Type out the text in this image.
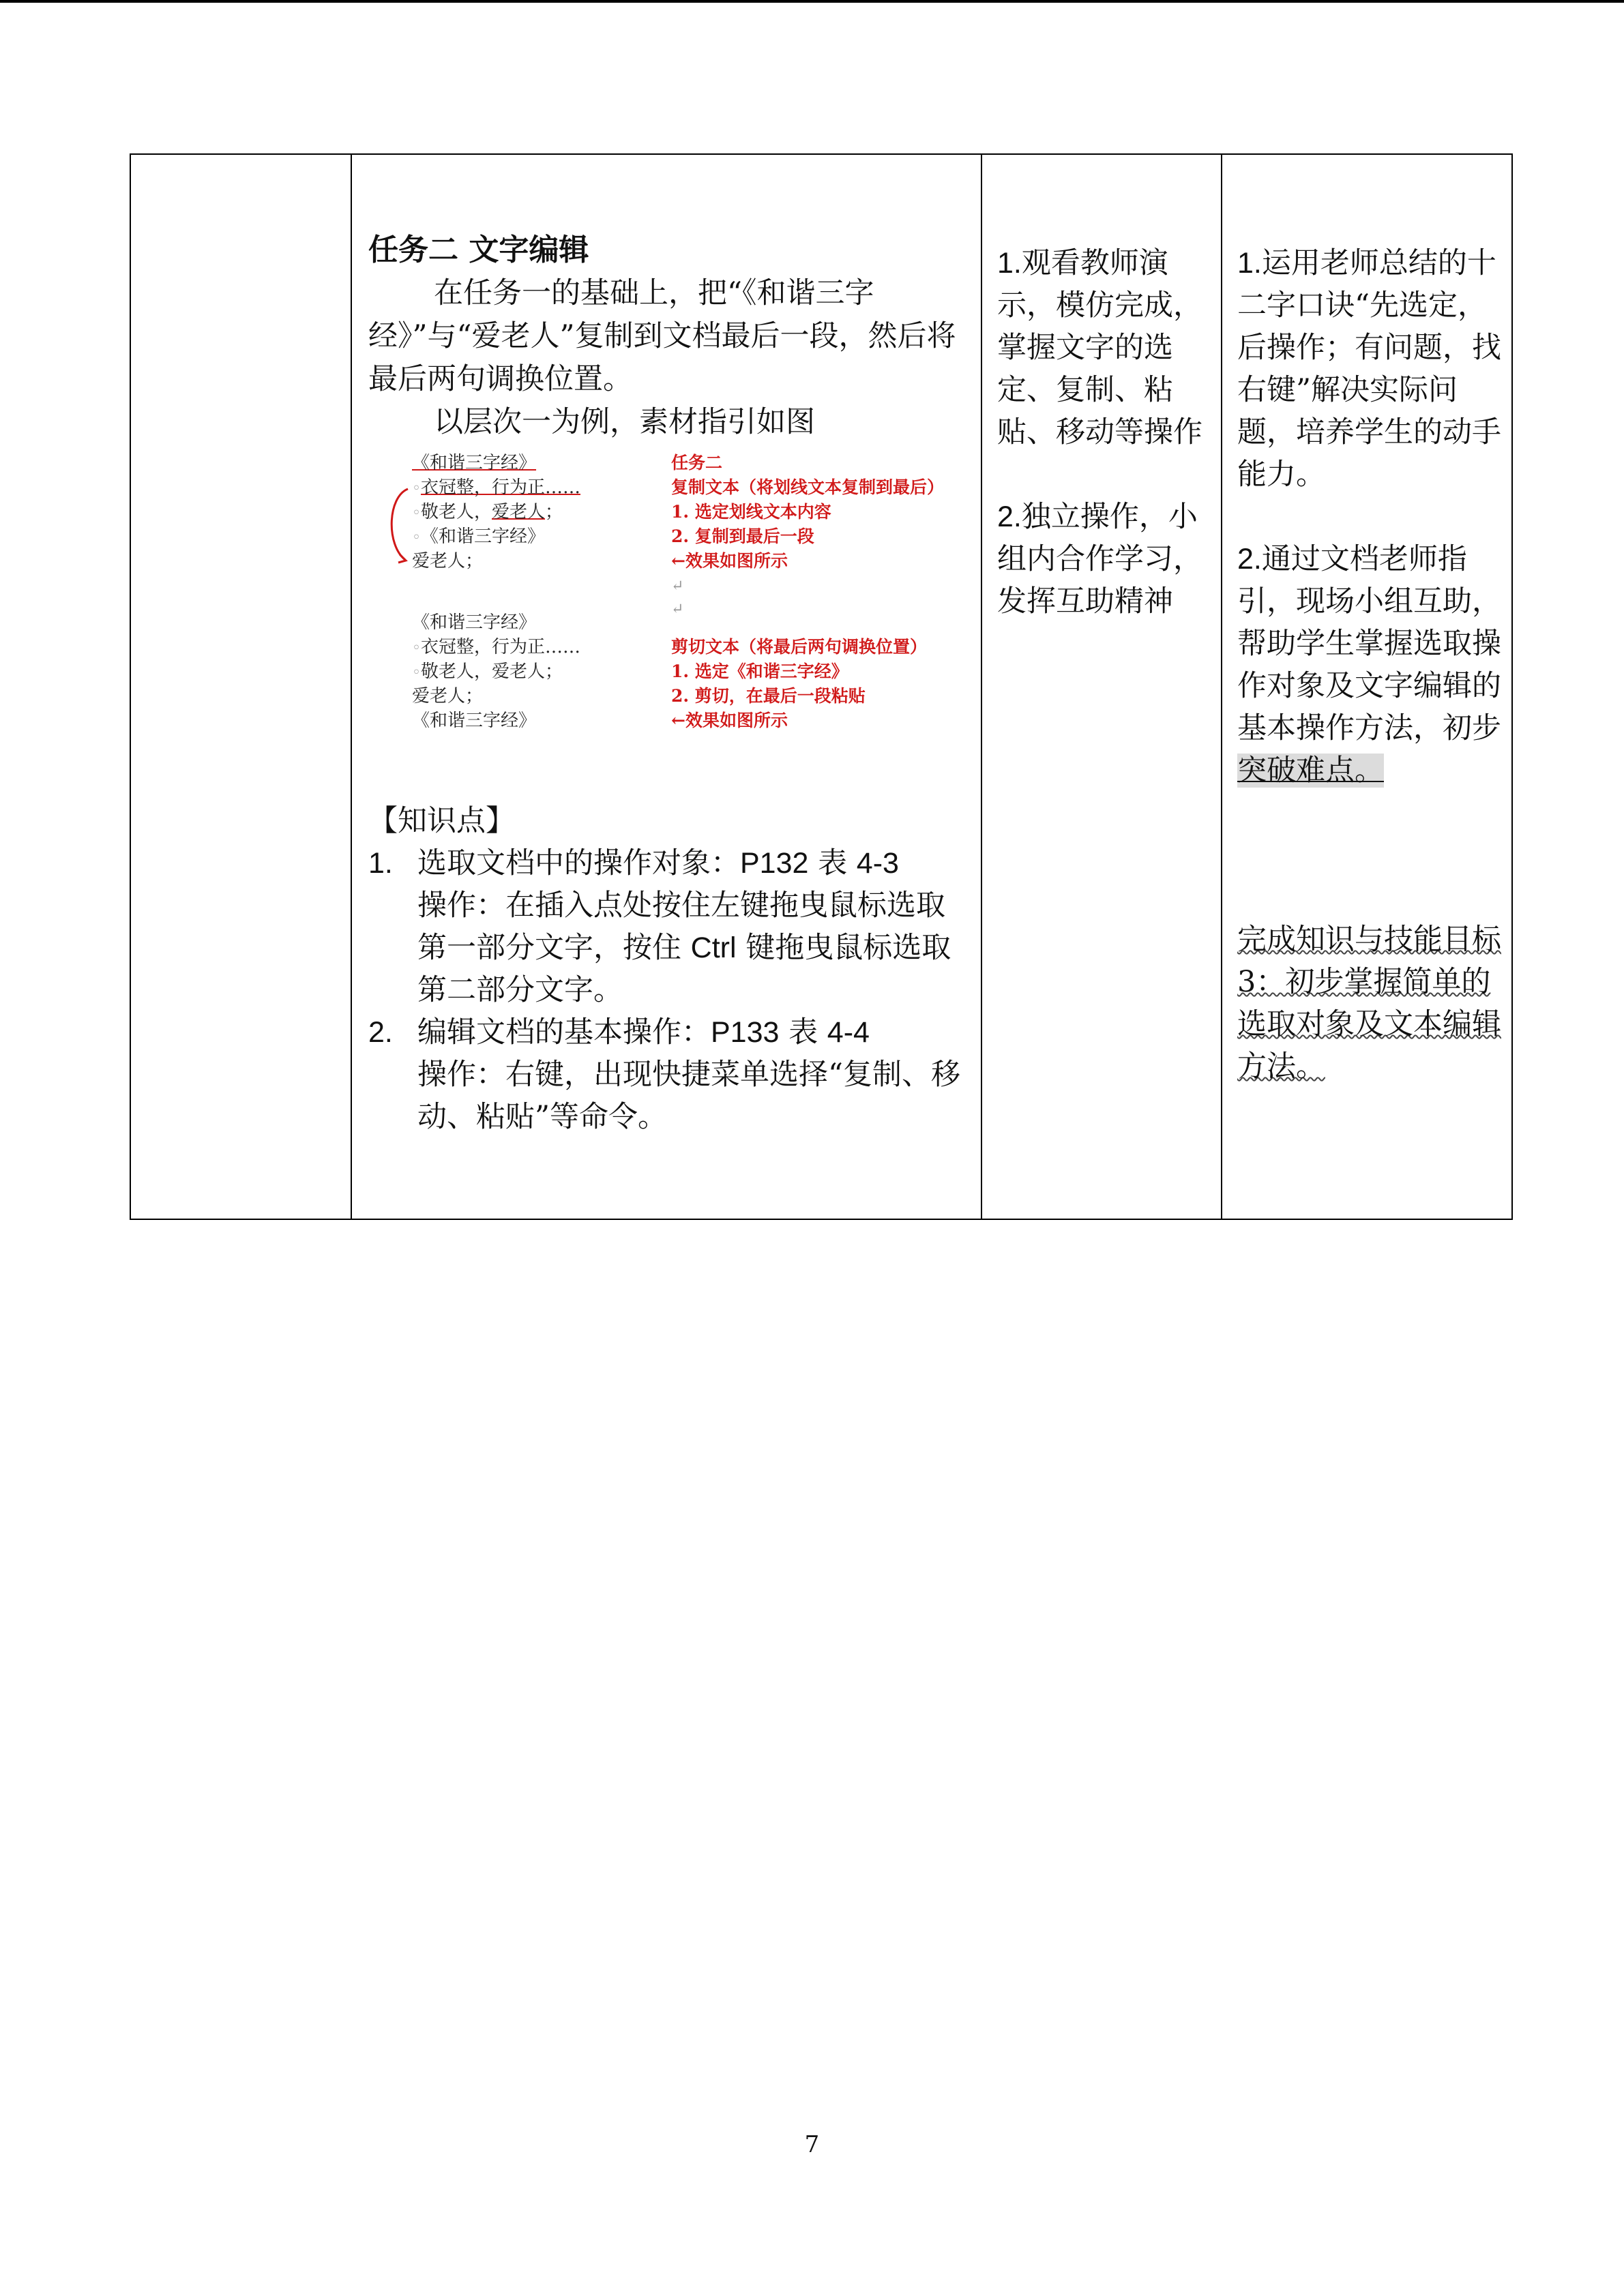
任务二 文字编辑
在任务一的基础上，把“《和谐三字经》”与“爱老人”复制到文档最后一段，然后将最后两句调换位置。
以层次一为例，素材指引如图
《和谐三字经》
◦衣冠整，行为正……
◦敬老人，爱老人；
◦《和谐三字经》
爱老人；
《和谐三字经》
◦衣冠整，行为正……
◦敬老人，爱老人；
爱老人；
《和谐三字经》
任务二
复制文本（将划线文本复制到最后）
1. 选定划线文本内容
2. 复制到最后一段
←效果如图所示
↵
↵
剪切文本（将最后两句调换位置）
1. 选定《和谐三字经》
2. 剪切，在最后一段粘贴
←效果如图所示
【知识点】
1. 选取文档中的操作对象：P132 表 4-3
操作：在插入点处按住左键拖曳鼠标选取第一部分文字，按住 Ctrl 键拖曳鼠标选取第二部分文字。
2. 编辑文档的基本操作：P133 表 4-4
操作：右键，出现快捷菜单选择“复制、移动、粘贴”等命令。

1.观看教师演示，模仿完成，掌握文字的选定、复制、粘贴、移动等操作
2.独立操作，小组内合作学习，发挥互助精神

1.运用老师总结的十二字口诀“先选定，后操作；有问题，找右键”解决实际问题，培养学生的动手能力。
2.通过文档老师指引，现场小组互助，帮助学生掌握选取操作对象及文字编辑的基本操作方法，初步突破难点。
完成知识与技能目标 3：初步掌握简单的选取对象及文本编辑方法。
7
